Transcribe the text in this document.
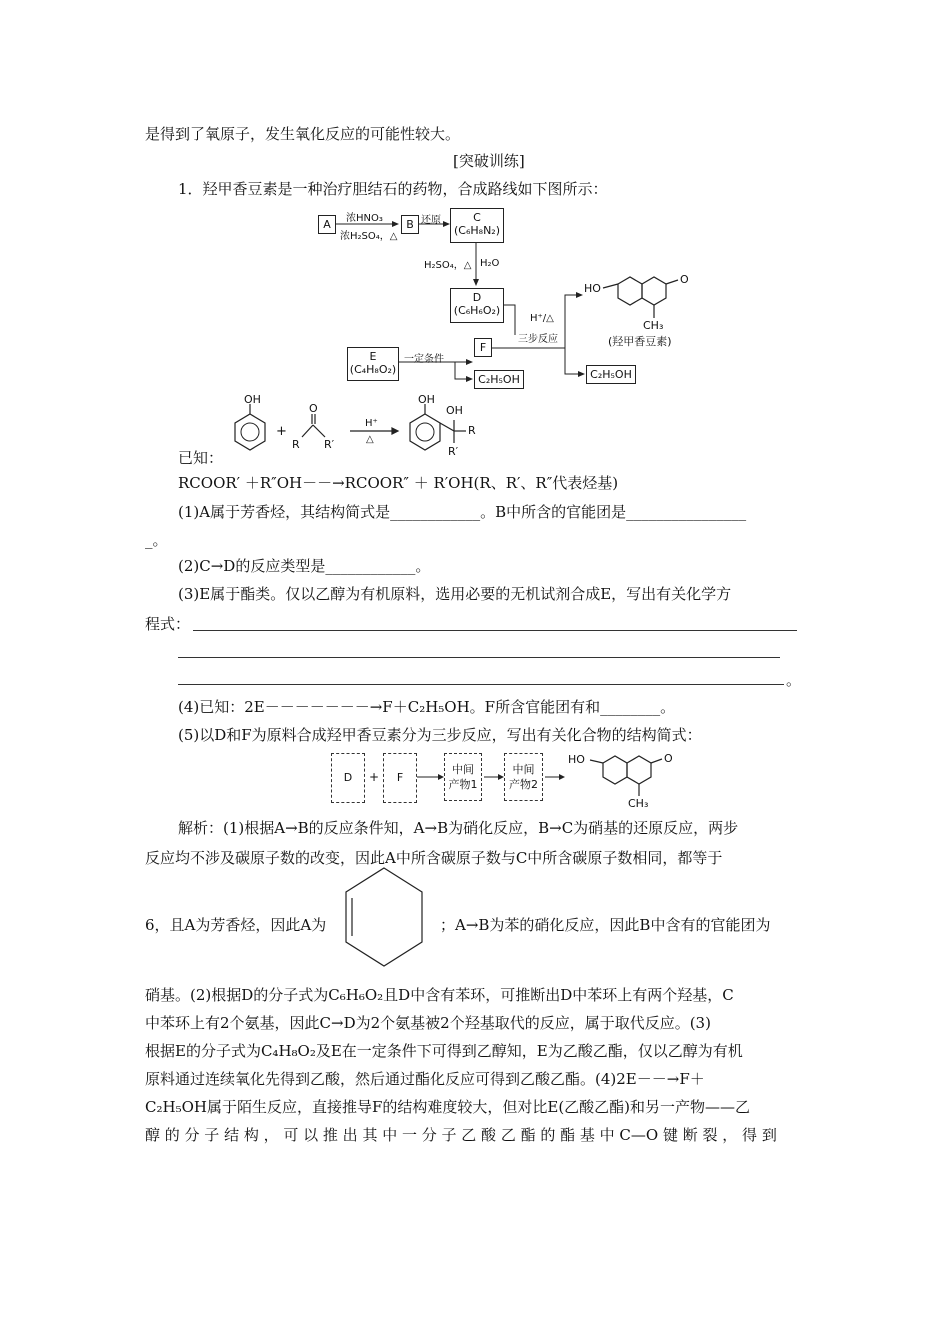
是得到了氧原子，发生氧化反应的可能性较大。
[突破训练]
1．羟甲香豆素是一种治疗胆结石的药物，合成路线如下图所示：
A	浓HNO₃
浓H₂SO₄，△
B 还原	C
(C₆H₈N₂)
H₂SO₄，△ H₂O
D
(C₆H₆O₂)
H⁺/△
三步反应
HO
O
CH₃
(羟甲香豆素)
E
(C₄H₈O₂)
一定条件
F
C₂H₅OH	C₂H₅OH
已知：
OH
+
O
R R′
H⁺
△
OH
OH
R
R′
RCOOR′ ＋R″OH－－→RCOOR″ ＋ R′OH(R、R′、R″代表烃基)
(1)A属于芳香烃，其结构简式是____________。B中所含的官能团是________________
_。
(2)C→D的反应类型是____________。
(3)E属于酯类。仅以乙醇为有机原料，选用必要的无机试剂合成E，写出有关化学方
程式：
。
(4)已知：2E－－－－－－－→F＋C₂H₅OH。F所含官能团有和________。
(5)以D和F为原料合成羟甲香豆素分为三步反应，写出有关化合物的结构简式：
D	+	F
中间
产物1
中间
产物2
HO	O
CH₃
解析：(1)根据A→B的反应条件知，A→B为硝化反应，B→C为硝基的还原反应，两步
反应均不涉及碳原子数的改变，因此A中所含碳原子数与C中所含碳原子数相同，都等于
6，且A为芳香烃，因此A为	；A→B为苯的硝化反应，因此B中含有的官能团为
硝基。(2)根据D的分子式为C₆H₆O₂且D中含有苯环，可推断出D中苯环上有两个羟基，C
中苯环上有2个氨基，因此C→D为2个氨基被2个羟基取代的反应，属于取代反应。(3)
根据E的分子式为C₄H₈O₂及E在一定条件下可得到乙醇知，E为乙酸乙酯，仅以乙醇为有机
原料通过连续氧化先得到乙酸，然后通过酯化反应可得到乙酸乙酯。(4)2E－－→F＋
C₂H₅OH属于陌生反应，直接推导F的结构难度较大，但对比E(乙酸乙酯)和另一产物——乙
醇 的 分 子 结 构 ， 可 以 推 出 其 中 一 分 子 乙 酸 乙 酯 的 酯 基 中 C—O 键 断 裂 ， 得 到
